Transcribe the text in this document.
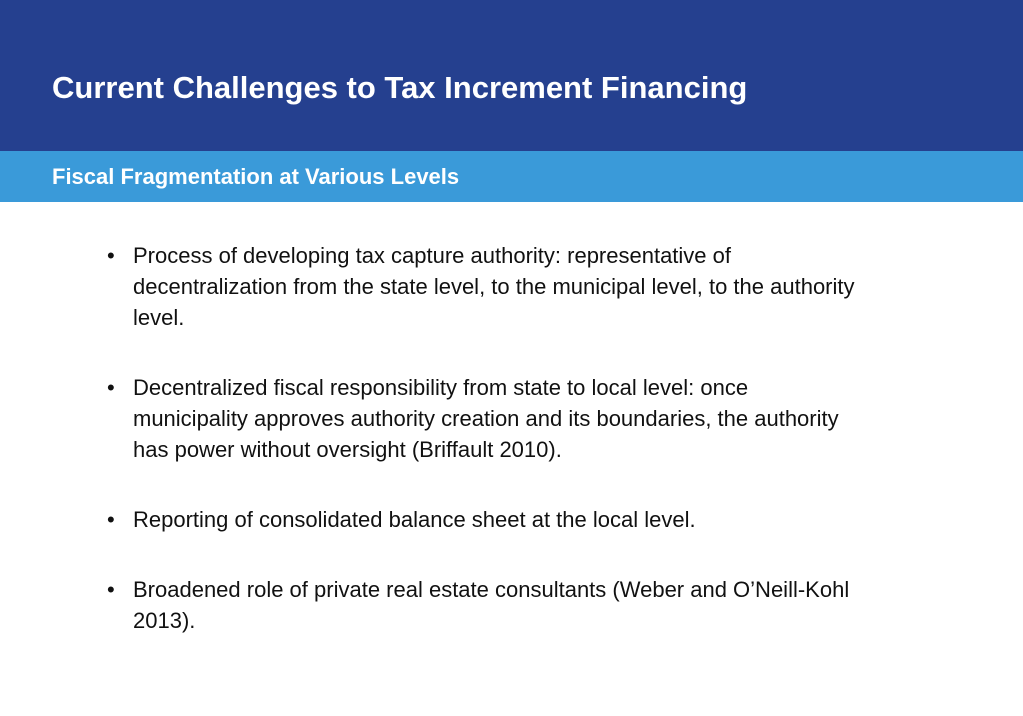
Current Challenges to Tax Increment Financing
Fiscal Fragmentation at Various Levels
• Process of developing tax capture authority: representative of decentralization from the state level, to the municipal level, to the authority level.
• Decentralized fiscal responsibility from state to local level: once municipality approves authority creation and its boundaries, the authority has power without oversight (Briffault 2010).
• Reporting of consolidated balance sheet at the local level.
• Broadened role of private real estate consultants (Weber and O’Neill-Kohl 2013).
